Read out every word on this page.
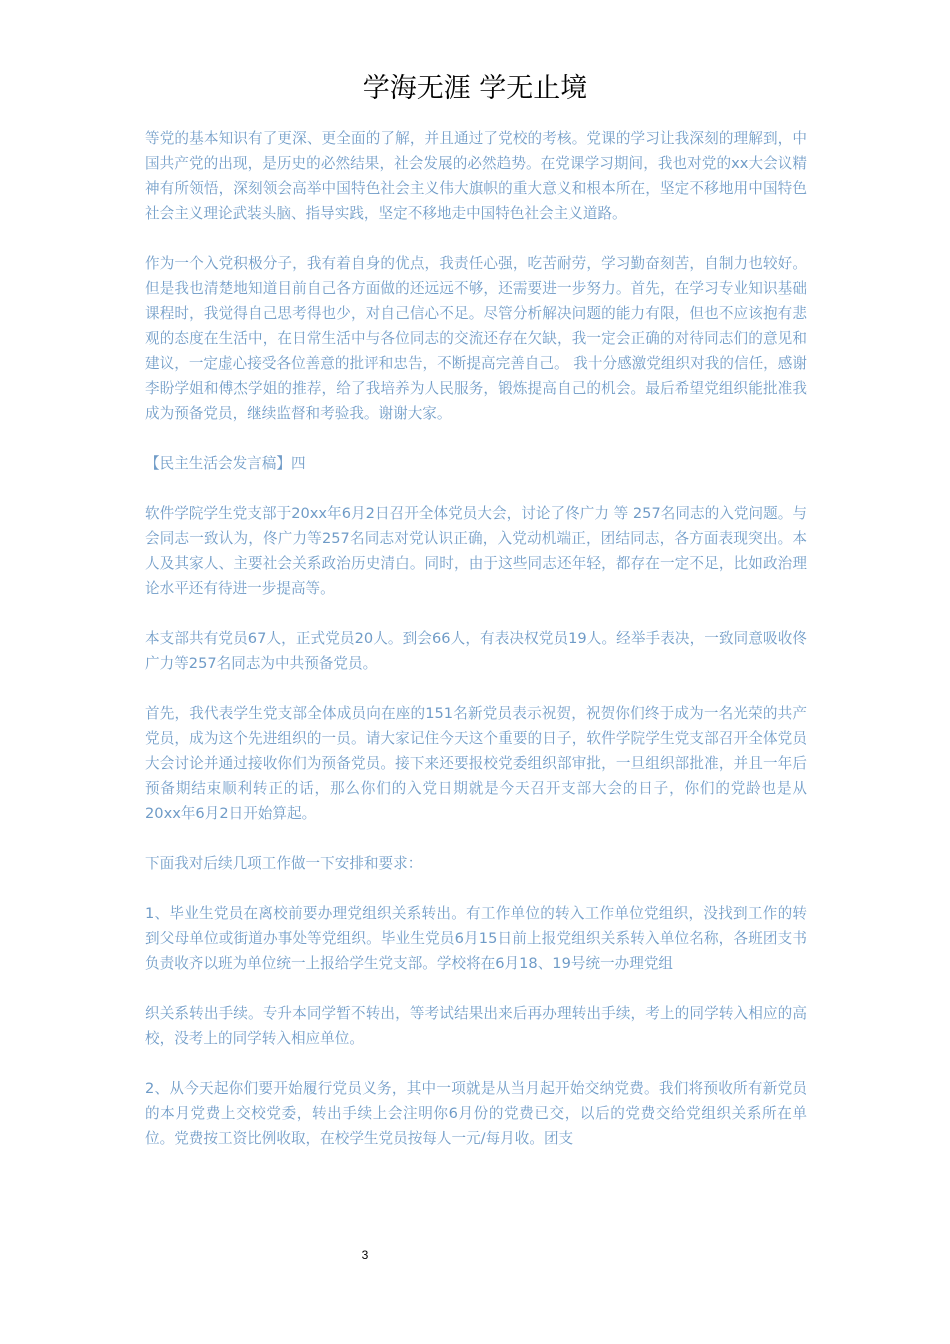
学海无涯 学无止境

等党的基本知识有了更深、更全面的了解，并且通过了党校的考核。党课的学习让我深刻的理解到，中国共产党的出现，是历史的必然结果，社会发展的必然趋势。在党课学习期间，我也对党的xx大会议精神有所领悟，深刻领会高举中国特色社会主义伟大旗帜的重大意义和根本所在，坚定不移地用中国特色社会主义理论武装头脑、指导实践，坚定不移地走中国特色社会主义道路。

作为一个入党积极分子，我有着自身的优点，我责任心强，吃苦耐劳，学习勤奋刻苦，自制力也较好。但是我也清楚地知道目前自己各方面做的还远远不够，还需要进一步努力。首先，在学习专业知识基础课程时，我觉得自己思考得也少，对自己信心不足。尽管分析解决问题的能力有限，但也不应该抱有悲观的态度在生活中，在日常生活中与各位同志的交流还存在欠缺，我一定会正确的对待同志们的意见和建议，一定虚心接受各位善意的批评和忠告，不断提高完善自己。 我十分感激党组织对我的信任，感谢李盼学姐和傅杰学姐的推荐，给了我培养为人民服务，锻炼提高自己的机会。最后希望党组织能批准我成为预备党员，继续监督和考验我。谢谢大家。

【民主生活会发言稿】四

软件学院学生党支部于20xx年6月2日召开全体党员大会，讨论了佟广力 等 257名同志的入党问题。与会同志一致认为，佟广力等257名同志对党认识正确，入党动机端正，团结同志，各方面表现突出。本人及其家人、主要社会关系政治历史清白。同时，由于这些同志还年轻，都存在一定不足，比如政治理论水平还有待进一步提高等。

本支部共有党员67人，正式党员20人。到会66人，有表决权党员19人。经举手表决，一致同意吸收佟广力等257名同志为中共预备党员。

首先，我代表学生党支部全体成员向在座的151名新党员表示祝贺，祝贺你们终于成为一名光荣的共产党员，成为这个先进组织的一员。请大家记住今天这个重要的日子，软件学院学生党支部召开全体党员大会讨论并通过接收你们为预备党员。接下来还要报校党委组织部审批，一旦组织部批准，并且一年后预备期结束顺利转正的话，那么你们的入党日期就是今天召开支部大会的日子，你们的党龄也是从20xx年6月2日开始算起。

下面我对后续几项工作做一下安排和要求：

1、毕业生党员在离校前要办理党组织关系转出。有工作单位的转入工作单位党组织，没找到工作的转到父母单位或街道办事处等党组织。毕业生党员6月15日前上报党组织关系转入单位名称，各班团支书负责收齐以班为单位统一上报给学生党支部。学校将在6月18、19号统一办理党组

织关系转出手续。专升本同学暂不转出，等考试结果出来后再办理转出手续，考上的同学转入相应的高校，没考上的同学转入相应单位。

2、从今天起你们要开始履行党员义务，其中一项就是从当月起开始交纳党费。我们将预收所有新党员的本月党费上交校党委，转出手续上会注明你6月份的党费已交，以后的党费交给党组织关系所在单位。党费按工资比例收取，在校学生党员按每人一元/每月收。团支

3
